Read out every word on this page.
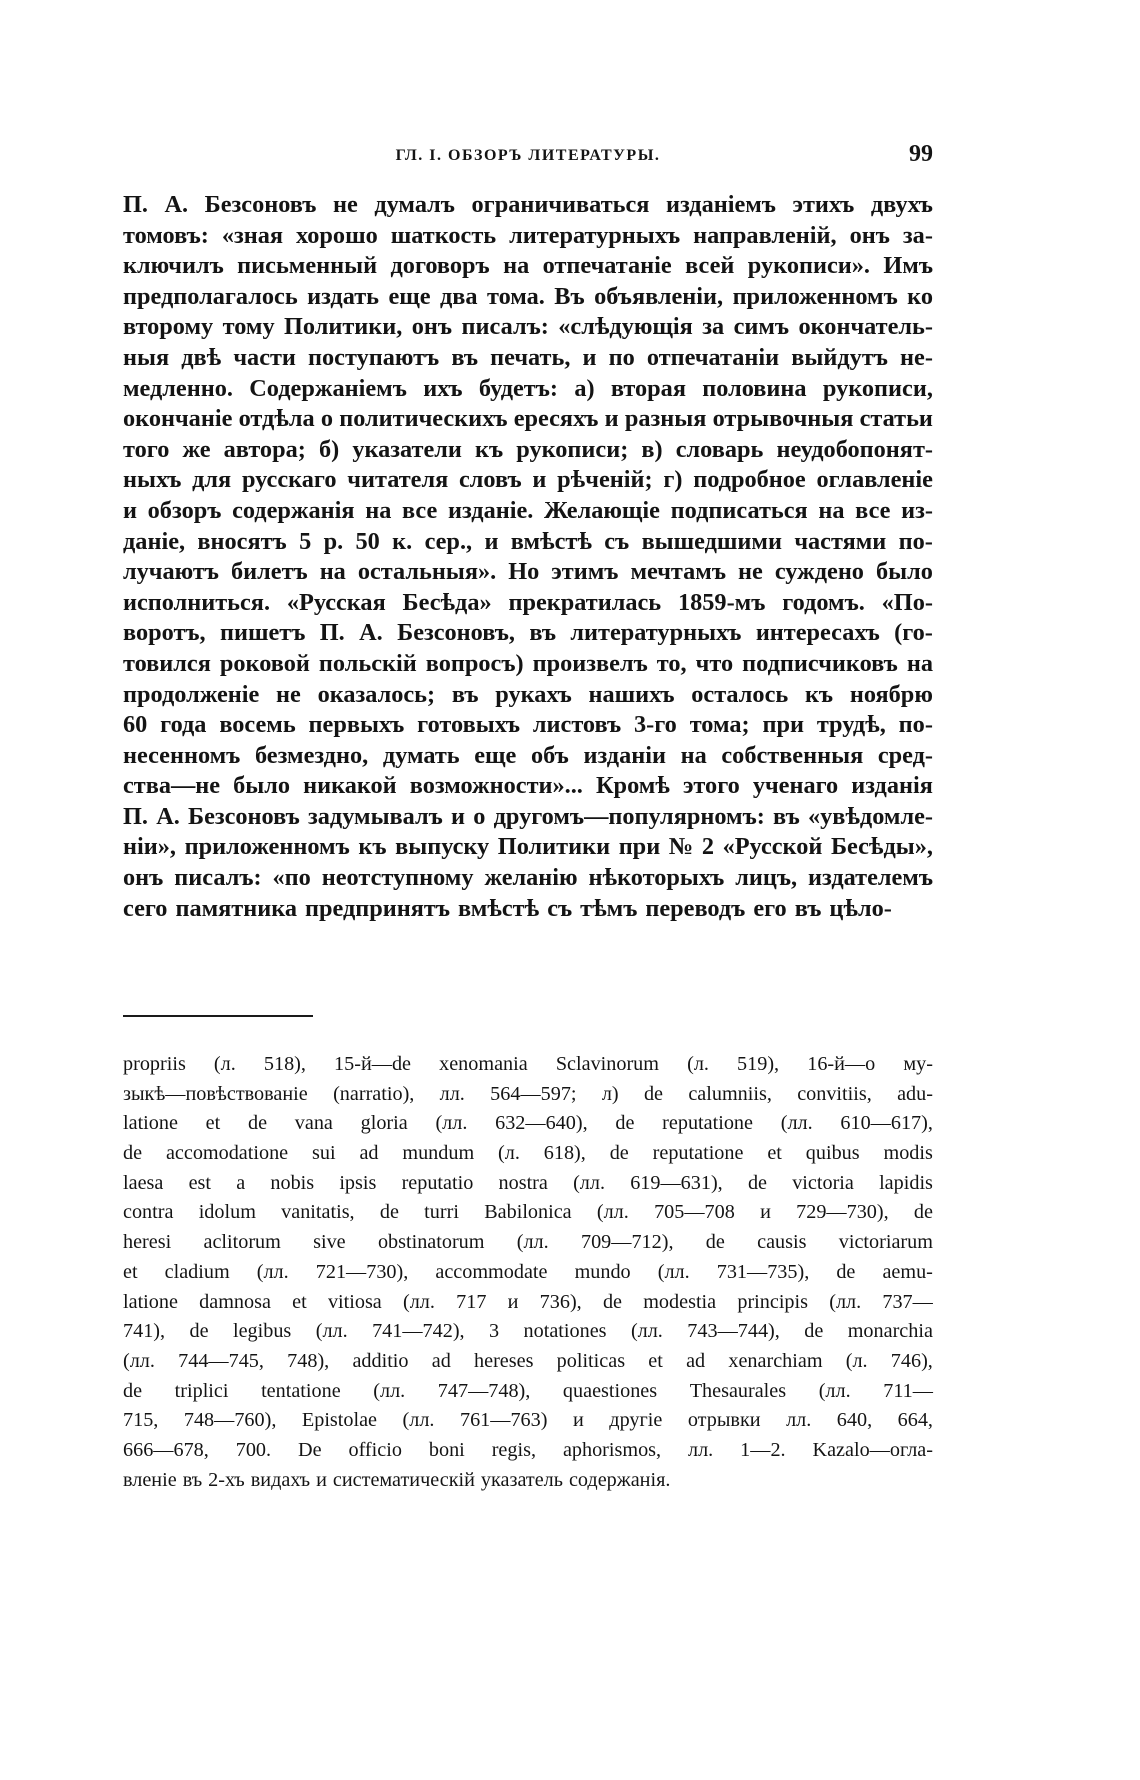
ГЛ. I. ОБЗОРЪ ЛИТЕРАТУРЫ.	99
П. А. Безсоновъ не думалъ ограничиваться изданіемъ этихъ двухъ
томовъ: «зная хорошо шаткость литературныхъ направленій, онъ за-
ключилъ письменный договоръ на отпечатаніе всей рукописи». Имъ
предполагалось издать еще два тома. Въ объявленіи, приложенномъ ко
второму тому Политики, онъ писалъ: «слѣдующія за симъ окончатель-
ныя двѣ части поступаютъ въ печать, и по отпечатаніи выйдутъ не-
медленно. Содержаніемъ ихъ будетъ: а) вторая половина рукописи,
окончаніе отдѣла о политическихъ ересяхъ и разныя отрывочныя статьи
того же автора; б) указатели къ рукописи; в) словарь неудобопонят-
ныхъ для русскаго читателя словъ и рѣченій; г) подробное оглавленіе
и обзоръ содержанія на все изданіе. Желающіе подписаться на все из-
даніе, вносятъ 5 р. 50 к. сер., и вмѣстѣ съ вышедшими частями по-
лучаютъ билетъ на остальныя». Но этимъ мечтамъ не суждено было
исполниться. «Русская Бесѣда» прекратилась 1859-мъ годомъ. «По-
воротъ, пишетъ П. А. Безсоновъ, въ литературныхъ интересахъ (го-
товился роковой польскій вопросъ) произвелъ то, что подписчиковъ на
продолженіе не оказалось; въ рукахъ нашихъ осталось къ ноябрю
60 года восемь первыхъ готовыхъ листовъ 3-го тома; при трудѣ, по-
несенномъ безмездно, думать еще объ изданіи на собственныя сред-
ства—не было никакой возможности»... Кромѣ этого ученаго изданія
П. А. Безсоновъ задумывалъ и о другомъ—популярномъ: въ «увѣдомле-
ніи», приложенномъ къ выпуску Политики при № 2 «Русской Бесѣды»,
онъ писалъ: «по неотступному желанію нѣкоторыхъ лицъ, издателемъ
сего памятника предпринятъ вмѣстѣ съ тѣмъ переводъ его въ цѣло-
propriis (л. 518), 15-й—de xenomania Sclavinorum (л. 519), 16-й—о му-
зыкѣ—повѣствованіе (narratio), лл. 564—597; л) de calumniis, convitiis, adu-
latione et de vana gloria (лл. 632—640), de reputatione (лл. 610—617),
de accomodatione sui ad mundum (л. 618), de reputatione et quibus modis
laesa est a nobis ipsis reputatio nostra (лл. 619—631), de victoria lapidis
contra idolum vanitatis, de turri Babilonica (лл. 705—708 и 729—730), de
heresi aclitorum sive obstinatorum (лл. 709—712), de causis victoriarum
et cladium (лл. 721—730), accommodate mundo (лл. 731—735), de aemu-
latione damnosa et vitiosa (лл. 717 и 736), de modestia principis (лл. 737—
741), de legibus (лл. 741—742), 3 notationes (лл. 743—744), de monarchia
(лл. 744—745, 748), additio ad hereses politicas et ad xenarchiam (л. 746),
de triplici tentatione (лл. 747—748), quaestiones Thesaurales (лл. 711—
715, 748—760), Epistolae (лл. 761—763) и другіе отрывки лл. 640, 664,
666—678, 700. De officio boni regis, aphorismos, лл. 1—2. Kazalo—огла-
вленіе въ 2-хъ видахъ и систематическій указатель содержанія.
